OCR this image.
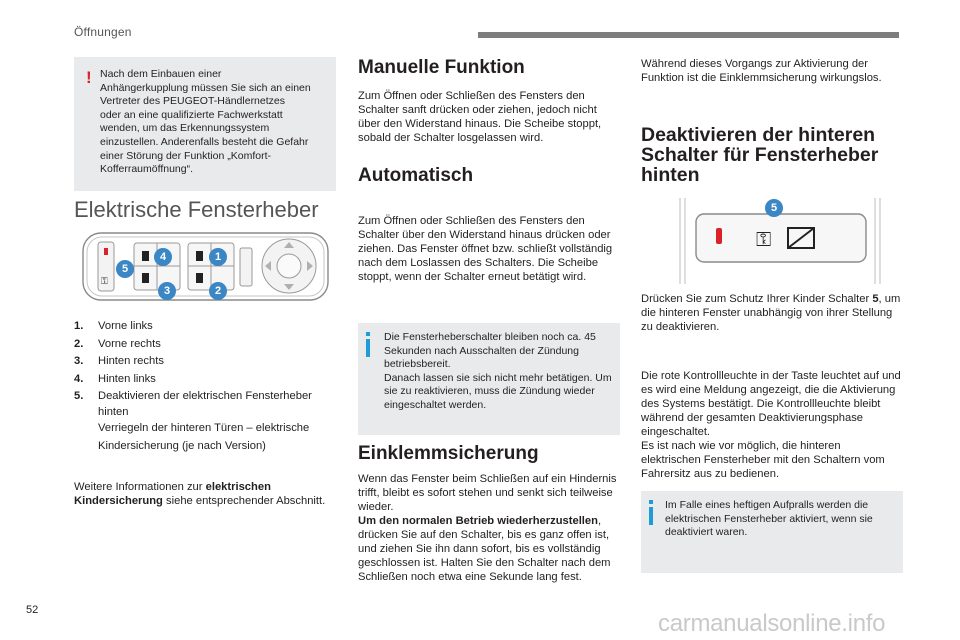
Öffnungen
! Nach dem Einbauen einer
Anhängerkupplung müssen Sie sich an einen
Vertreter des PEUGEOT-Händlernetzes
oder an eine qualifizierte Fachwerkstatt
wenden, um das Erkennungssystem
einzustellen. Anderenfalls besteht die Gefahr
einer Störung der Funktion „Komfort-
Kofferraumöffnung“.
Elektrische Fensterheber
⚿
4	1
5
3	2
1.	Vorne links
2.	Vorne rechts
3.	Hinten rechts
4.	Hinten links
5.	Deaktivieren der elektrischen Fensterheber hinten
Verriegeln der hinteren Türen – elektrische Kindersicherung (je nach Version)
Weitere Informationen zur elektrischen Kindersicherung siehe entsprechender Abschnitt.
Manuelle Funktion

Zum Öffnen oder Schließen des Fensters den Schalter sanft drücken oder ziehen, jedoch nicht über den Widerstand hinaus. Die Scheibe stoppt, sobald der Schalter losgelassen wird.

Automatisch

Zum Öffnen oder Schließen des Fensters den Schalter über den Widerstand hinaus drücken oder ziehen. Das Fenster öffnet bzw. schließt vollständig nach dem Loslassen des Schalters. Die Scheibe stoppt, wenn der Schalter erneut betätigt wird.

Die Fensterheberschalter bleiben noch ca. 45 Sekunden nach Ausschalten der Zündung betriebsbereit.

Danach lassen sie sich nicht mehr betätigen. Um sie zu reaktivieren, muss die Zündung wieder eingeschaltet werden.

Einklemmsicherung

Wenn das Fenster beim Schließen auf ein Hindernis trifft, bleibt es sofort stehen und senkt sich teilweise wieder.

Um den normalen Betrieb wiederherzustellen, drücken Sie auf den Schalter, bis es ganz offen ist, und ziehen Sie ihn dann sofort, bis es vollständig geschlossen ist. Halten Sie den Schalter nach dem Schließen noch etwa eine Sekunde lang fest.

Während dieses Vorgangs zur Aktivierung der Funktion ist die Einklemmsicherung wirkungslos.

Deaktivieren der hinteren Schalter für Fensterheber hinten
⚿
5

Drücken Sie zum Schutz Ihrer Kinder Schalter 5, um die hinteren Fenster unabhängig von ihrer Stellung zu deaktivieren.

Die rote Kontrollleuchte in der Taste leuchtet auf und es wird eine Meldung angezeigt, die die Aktivierung des Systems bestätigt. Die Kontrollleuchte bleibt während der gesamten Deaktivierungsphase eingeschaltet.

Es ist nach wie vor möglich, die hinteren elektrischen Fensterheber mit den Schaltern vom Fahrersitz aus zu bedienen.

Im Falle eines heftigen Aufpralls werden die elektrischen Fensterheber aktiviert, wenn sie deaktiviert waren.

52	carmanualsonline.info
